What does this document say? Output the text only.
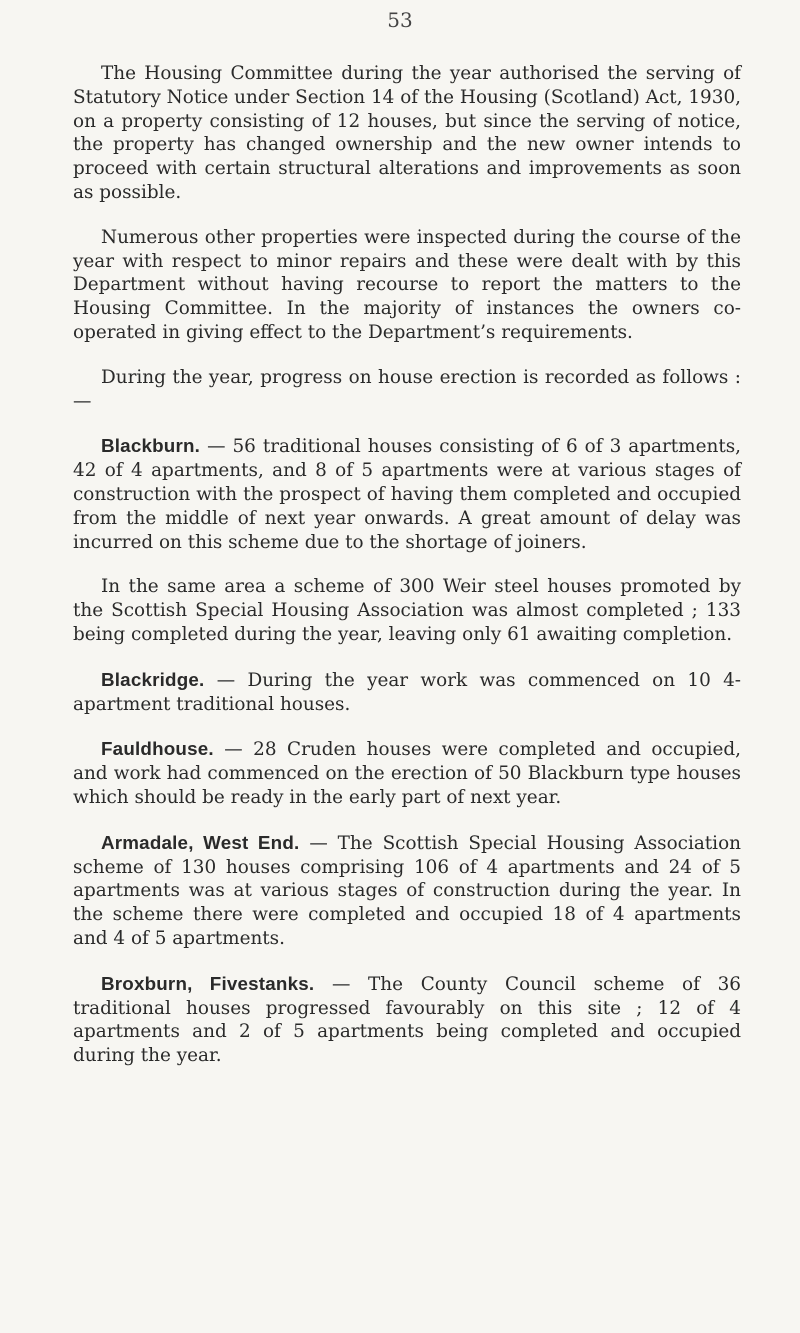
53

The Housing Committee during the year authorised the serving of Statutory Notice under Section 14 of the Housing (Scotland) Act, 1930, on a property consisting of 12 houses, but since the serving of notice, the property has changed ownership and the new owner intends to proceed with certain structural alterations and improvements as soon as possible.

Numerous other properties were inspected during the course of the year with respect to minor repairs and these were dealt with by this Department without having recourse to report the matters to the Housing Committee. In the majority of instances the owners co-operated in giving effect to the Department’s requirements.

During the year, progress on house erection is recorded as follows :—

Blackburn. — 56 traditional houses consisting of 6 of 3 apartments, 42 of 4 apartments, and 8 of 5 apartments were at various stages of construction with the prospect of having them completed and occupied from the middle of next year onwards. A great amount of delay was incurred on this scheme due to the shortage of joiners.

In the same area a scheme of 300 Weir steel houses promoted by the Scottish Special Housing Association was almost completed ; 133 being completed during the year, leaving only 61 awaiting completion.

Blackridge. — During the year work was commenced on 10 4-apartment traditional houses.

Fauldhouse. — 28 Cruden houses were completed and occupied, and work had commenced on the erection of 50 Blackburn type houses which should be ready in the early part of next year.

Armadale, West End. — The Scottish Special Housing Association scheme of 130 houses comprising 106 of 4 apartments and 24 of 5 apartments was at various stages of construction during the year. In the scheme there were completed and occupied 18 of 4 apartments and 4 of 5 apartments.

Broxburn, Fivestanks. — The County Council scheme of 36 traditional houses progressed favourably on this site ; 12 of 4 apartments and 2 of 5 apartments being completed and occupied during the year.
